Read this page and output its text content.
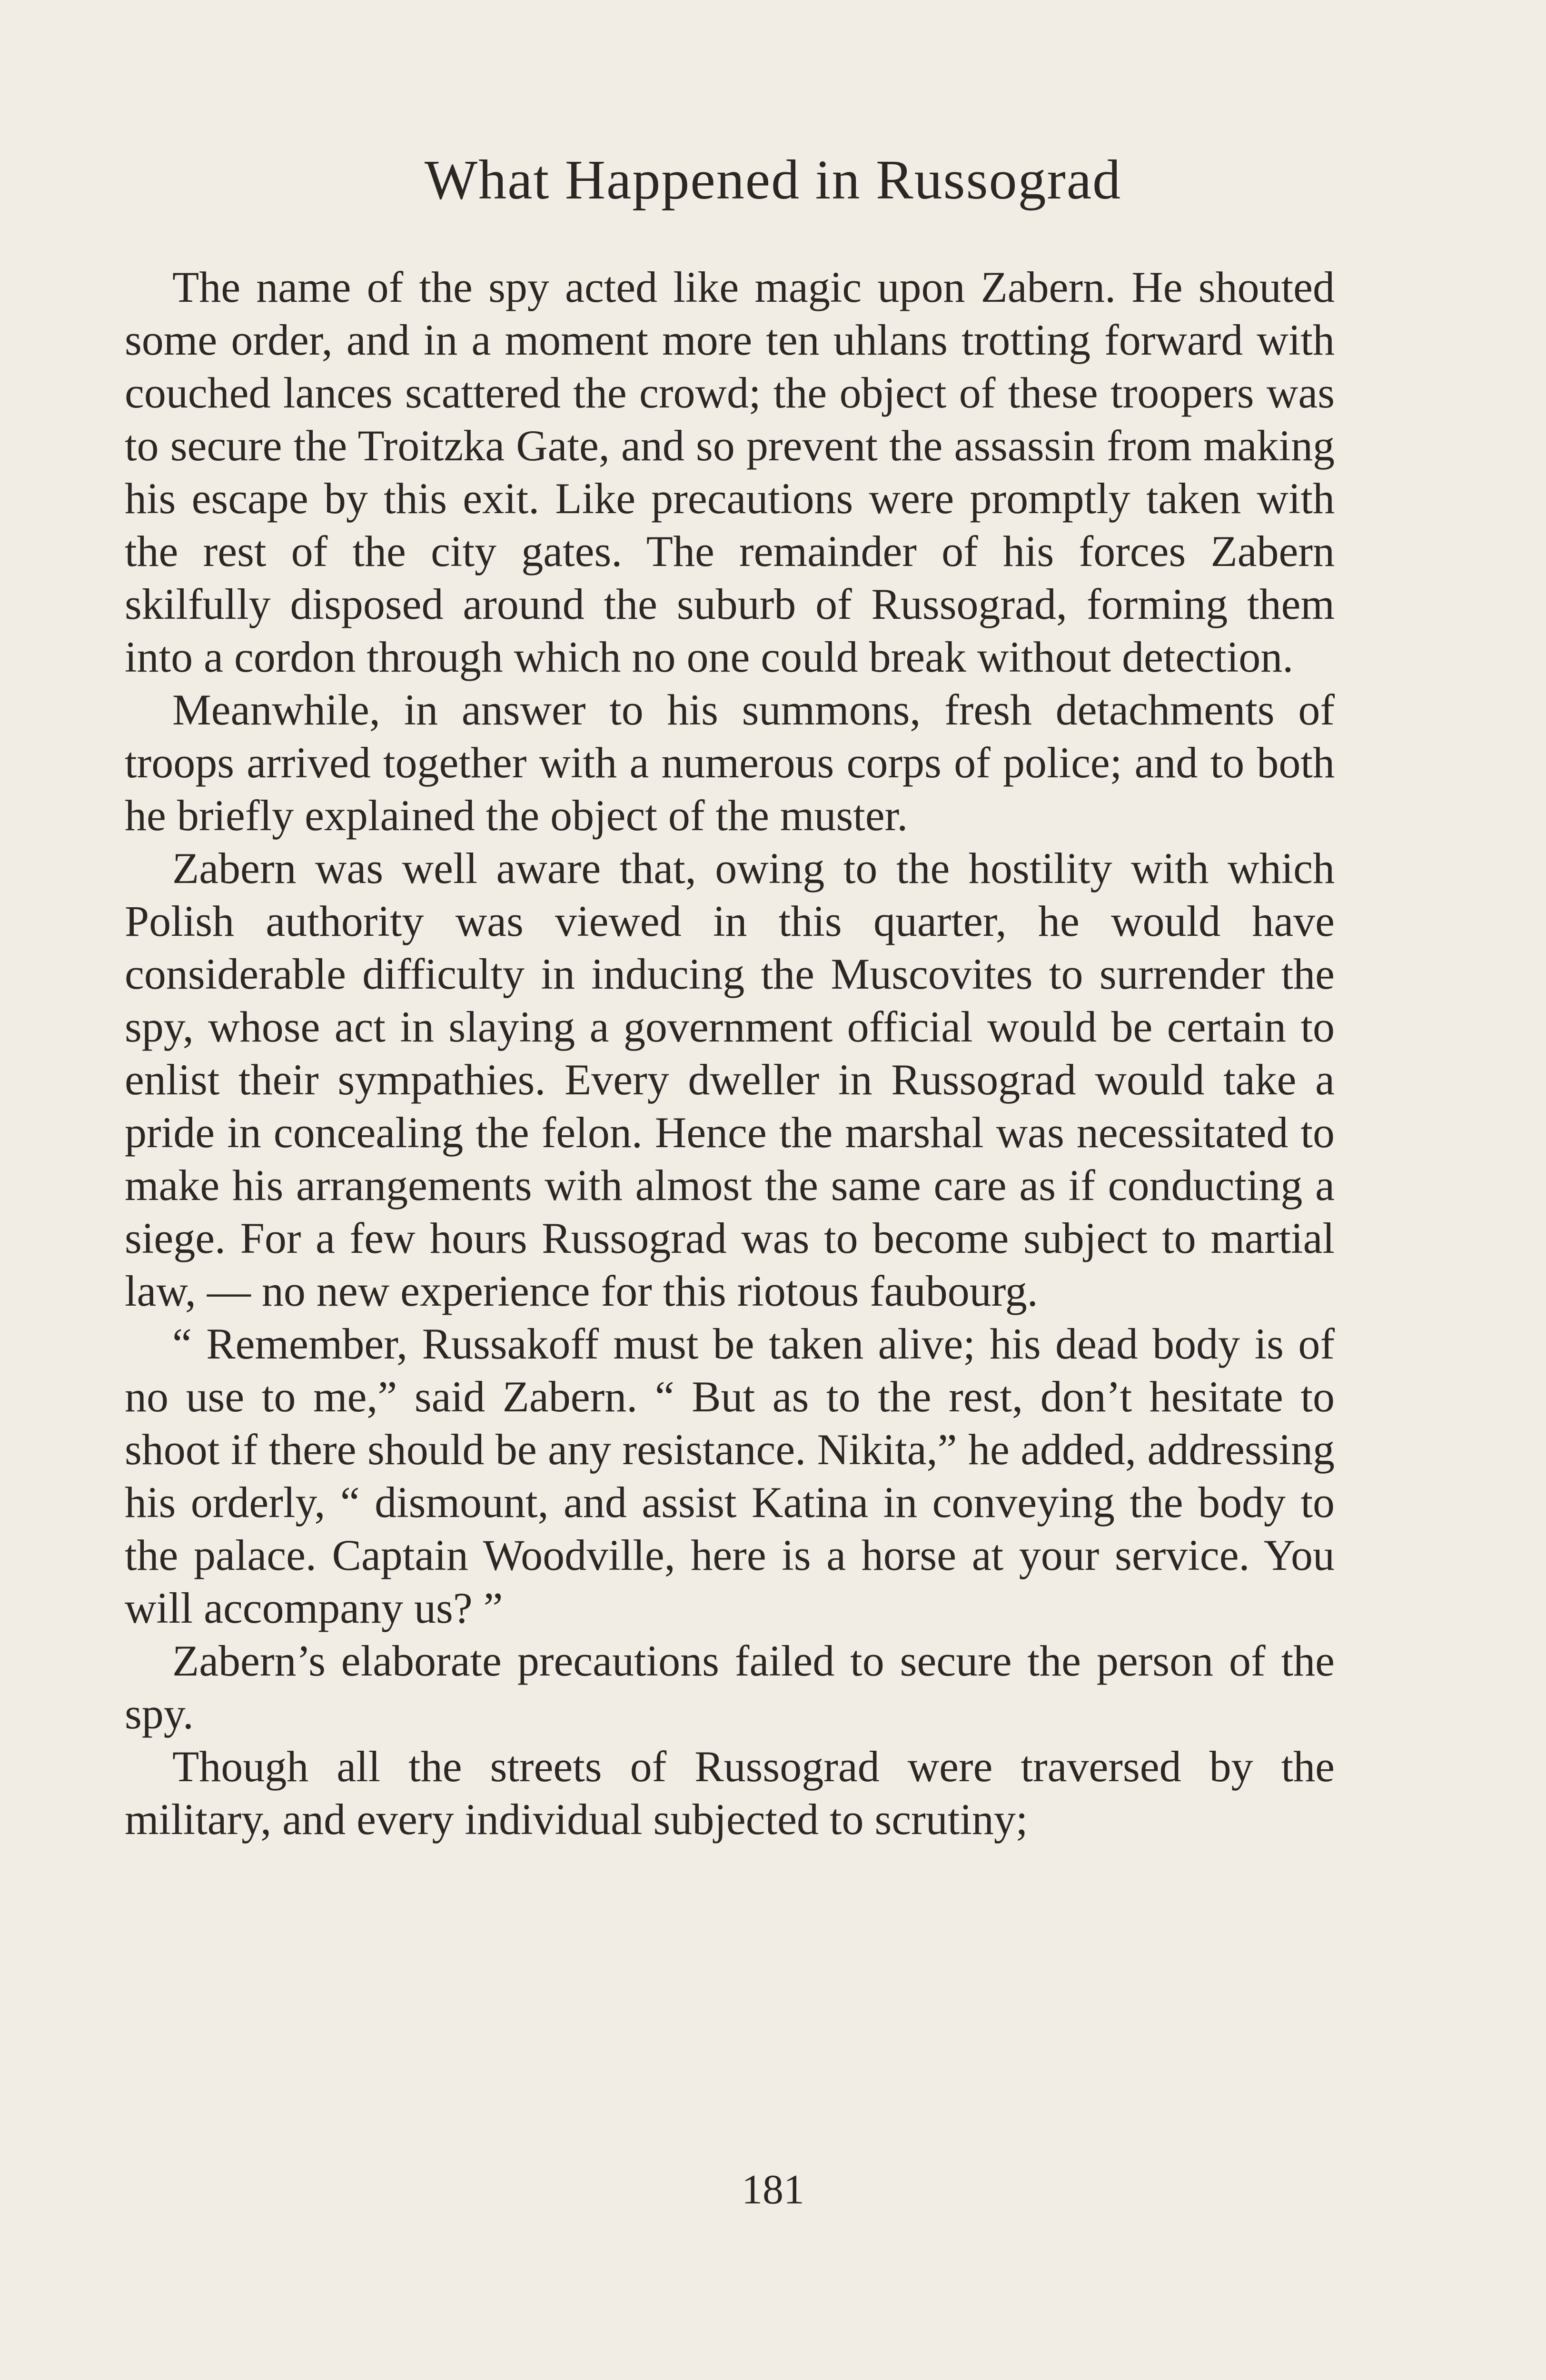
What Happened in Russograd

The name of the spy acted like magic upon Zabern. He shouted some order, and in a moment more ten uhlans trotting forward with couched lances scattered the crowd; the object of these troopers was to secure the Troitzka Gate, and so prevent the assassin from making his escape by this exit. Like precautions were promptly taken with the rest of the city gates. The remainder of his forces Zabern skilfully disposed around the suburb of Russograd, forming them into a cordon through which no one could break without detection.

Meanwhile, in answer to his summons, fresh detachments of troops arrived together with a numerous corps of police; and to both he briefly explained the object of the muster.

Zabern was well aware that, owing to the hostility with which Polish authority was viewed in this quarter, he would have considerable difficulty in inducing the Muscovites to surrender the spy, whose act in slaying a government official would be certain to enlist their sympathies. Every dweller in Russograd would take a pride in concealing the felon. Hence the marshal was necessitated to make his arrangements with almost the same care as if conducting a siege. For a few hours Russograd was to become subject to martial law, — no new experience for this riotous faubourg.

“ Remember, Russakoff must be taken alive; his dead body is of no use to me,” said Zabern. “ But as to the rest, don’t hesitate to shoot if there should be any resistance. Nikita,” he added, addressing his orderly, “ dismount, and assist Katina in conveying the body to the palace. Captain Woodville, here is a horse at your service. You will accompany us? ”

Zabern’s elaborate precautions failed to secure the person of the spy.

Though all the streets of Russograd were traversed by the military, and every individual subjected to scrutiny;

181
